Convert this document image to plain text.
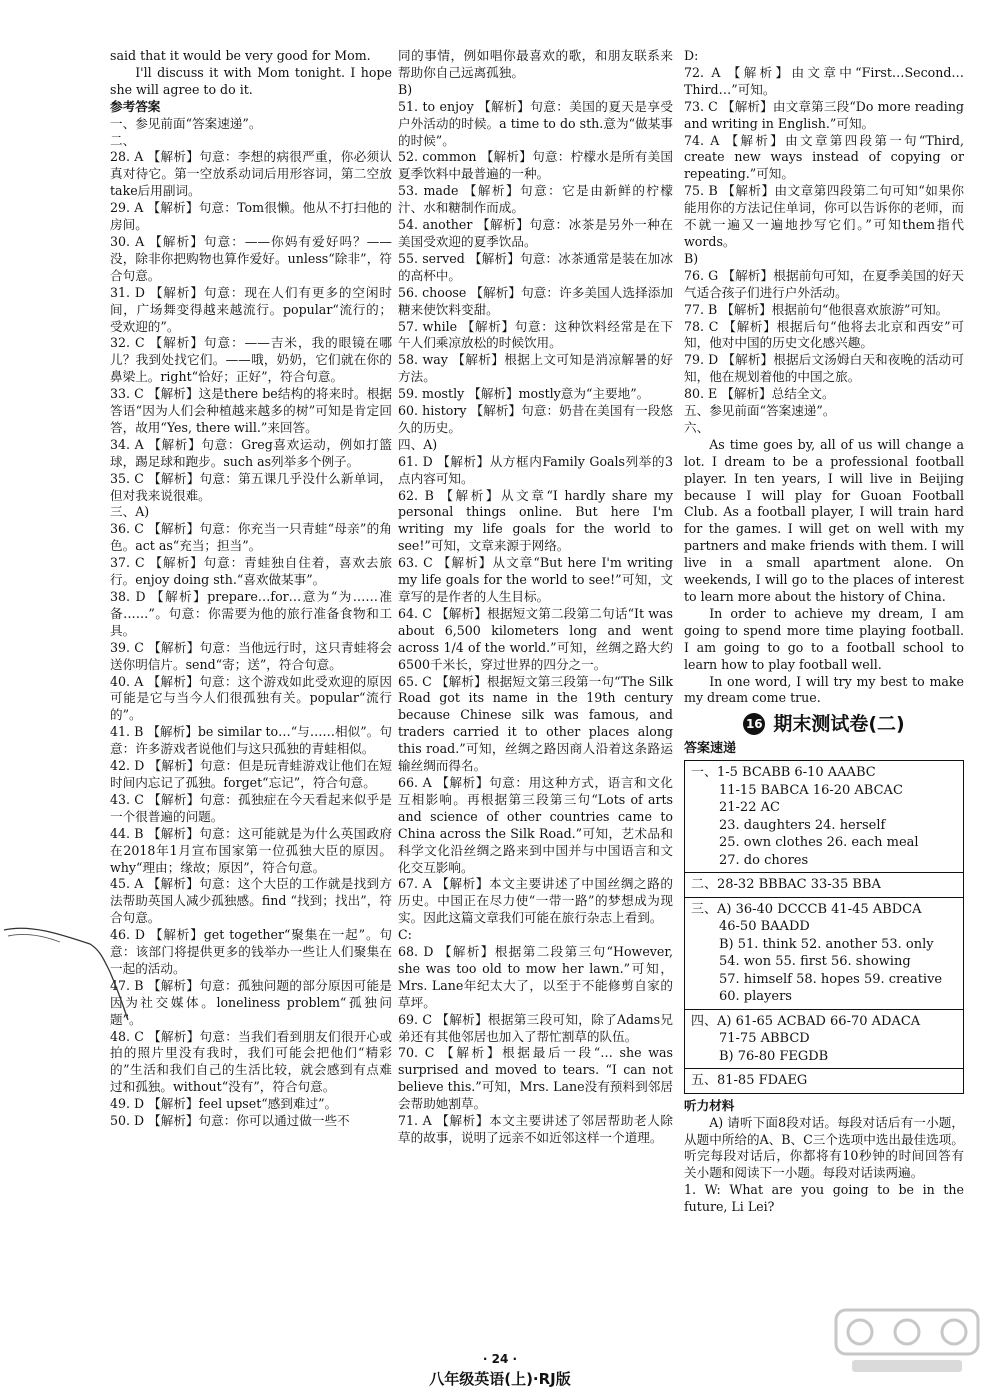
said that it would be very good for Mom.
I'll discuss it with Mom tonight. I hope she will agree to do it.
参考答案
一、参见前面“答案速递”。
二、
28. A 【解析】句意：李想的病很严重，你必须认真对待它。第一空放系动词后用形容词，第二空放take后用副词。
29. A 【解析】句意：Tom很懒。他从不打扫他的房间。
30. A 【解析】句意：——你妈有爱好吗？——没，除非你把购物也算作爱好。unless“除非”，符合句意。
31. D 【解析】句意：现在人们有更多的空闲时间，广场舞变得越来越流行。popular“流行的；受欢迎的”。
32. C 【解析】句意：——吉米，我的眼镜在哪儿？我到处找它们。——哦，奶奶，它们就在你的鼻梁上。right“恰好；正好”，符合句意。
33. C 【解析】这是there be结构的将来时。根据答语“因为人们会种植越来越多的树”可知是肯定回答，故用“Yes, there will.”来回答。
34. A 【解析】句意：Greg喜欢运动，例如打篮球，踢足球和跑步。such as列举多个例子。
35. C 【解析】句意：第五课几乎没什么新单词，但对我来说很难。
三、A)
36. C 【解析】句意：你充当一只青蛙“母亲”的角色。act as“充当；担当”。
37. C 【解析】句意：青蛙独自住着，喜欢去旅行。enjoy doing sth.“喜欢做某事”。
38. D 【解析】prepare…for…意为“为……准备……”。句意：你需要为他的旅行准备食物和工具。
39. C 【解析】句意：当他远行时，这只青蛙将会送你明信片。send“寄；送”，符合句意。
40. A 【解析】句意：这个游戏如此受欢迎的原因可能是它与当今人们很孤独有关。popular“流行的”。
41. B 【解析】be similar to…“与……相似”。句意：许多游戏者说他们与这只孤独的青蛙相似。
42. D 【解析】句意：但是玩青蛙游戏让他们在短时间内忘记了孤独。forget“忘记”，符合句意。
43. C 【解析】句意：孤独症在今天看起来似乎是一个很普遍的问题。
44. B 【解析】句意：这可能就是为什么英国政府在2018年1月宣布国家第一位孤独大臣的原因。why“理由；缘故；原因”，符合句意。
45. A 【解析】句意：这个大臣的工作就是找到方法帮助英国人减少孤独感。find “找到；找出”，符合句意。
46. D 【解析】get together“聚集在一起”。句意：该部门将提供更多的钱举办一些让人们聚集在一起的活动。
47. B 【解析】句意：孤独问题的部分原因可能是因为社交媒体。loneliness problem“孤独问题”。
48. C 【解析】句意：当我们看到朋友们很开心或拍的照片里没有我时，我们可能会把他们“精彩的”生活和我们自己的生活比较，就会感到有点难过和孤独。without“没有”，符合句意。
49. D 【解析】feel upset“感到难过”。
50. D 【解析】句意：你可以通过做一些不
同的事情，例如唱你最喜欢的歌，和朋友联系来帮助你自己远离孤独。
B)
51. to enjoy 【解析】句意：美国的夏天是享受户外活动的时候。a time to do sth.意为“做某事的时候”。
52. common 【解析】句意：柠檬水是所有美国夏季饮料中最普遍的一种。
53. made 【解析】句意：它是由新鲜的柠檬汁、水和糖制作而成。
54. another 【解析】句意：冰茶是另外一种在美国受欢迎的夏季饮品。
55. served 【解析】句意：冰茶通常是装在加冰的高杯中。
56. choose 【解析】句意：许多美国人选择添加糖来使饮料变甜。
57. while 【解析】句意：这种饮料经常是在下午人们乘凉放松的时候饮用。
58. way 【解析】根据上文可知是消凉解暑的好方法。
59. mostly 【解析】mostly意为“主要地”。
60. history 【解析】句意：奶昔在美国有一段悠久的历史。
四、A)
61. D 【解析】从方框内Family Goals列举的3点内容可知。
62. B 【解析】从文章“I hardly share my personal things online. But here I'm writing my life goals for the world to see!”可知，文章来源于网络。
63. C 【解析】从文章“But here I'm writing my life goals for the world to see!”可知，文章写的是作者的人生目标。
64. C 【解析】根据短文第二段第二句话“It was about 6,500 kilometers long and went across 1/4 of the world.”可知，丝绸之路大约6500千米长，穿过世界的四分之一。
65. C 【解析】根据短文第三段第一句“The Silk Road got its name in the 19th century because Chinese silk was famous, and traders carried it to other places along this road.”可知，丝绸之路因商人沿着这条路运输丝绸而得名。
66. A 【解析】句意：用这种方式，语言和文化互相影响。再根据第三段第三句“Lots of arts and science of other countries came to China across the Silk Road.”可知，艺术品和科学文化沿丝绸之路来到中国并与中国语言和文化交互影响。
67. A 【解析】本文主要讲述了中国丝绸之路的历史。中国正在尽力使“一带一路”的梦想成为现实。因此这篇文章我们可能在旅行杂志上看到。
C:
68. D 【解析】根据第二段第三句“However, she was too old to mow her lawn.”可知，Mrs. Lane年纪太大了，以至于不能修剪自家的草坪。
69. C 【解析】根据第三段可知，除了Adams兄弟还有其他邻居也加入了帮忙割草的队伍。
70. C 【解析】根据最后一段“… she was surprised and moved to tears. “I can not believe this.”可知，Mrs. Lane没有预料到邻居会帮助她割草。
71. A 【解析】本文主要讲述了邻居帮助老人除草的故事，说明了远亲不如近邻这样一个道理。
D:
72. A 【解析】由文章中“First…Second…Third…”可知。
73. C 【解析】由文章第三段“Do more reading and writing in English.”可知。
74. A 【解析】由文章第四段第一句“Third, create new ways instead of copying or repeating.”可知。
75. B 【解析】由文章第四段第二句可知“如果你能用你的方法记住单词，你可以告诉你的老师，而不就一遍又一遍地抄写它们。”可知them指代words。
B)
76. G 【解析】根据前句可知，在夏季美国的好天气适合孩子们进行户外活动。
77. B 【解析】根据前句“他很喜欢旅游”可知。
78. C 【解析】根据后句“他将去北京和西安”可知，他对中国的历史文化感兴趣。
79. D 【解析】根据后文汤姆白天和夜晚的活动可知，他在规划着他的中国之旅。
80. E 【解析】总结全文。
五、参见前面“答案速递”。
六、
As time goes by, all of us will change a lot. I dream to be a professional football player. In ten years, I will live in Beijing because I will play for Guoan Football Club. As a football player, I will train hard for the games. I will get on well with my partners and make friends with them. I will live in a small apartment alone. On weekends, I will go to the places of interest to learn more about the history of China.
In order to achieve my dream, I am going to spend more time playing football. I am going to go to a football school to learn how to play football well.
In one word, I will try my best to make my dream come true.
16 期末测试卷(二)
答案速递
一、1-5 BCABB 6-10 AAABC
11-15 BABCA 16-20 ABCAC
21-22 AC
23. daughters 24. herself
25. own clothes 26. each meal
27. do chores
二、28-32 BBBAC 33-35 BBA
三、A) 36-40 DCCCB 41-45 ABDCA
46-50 BAADD
B) 51. think 52. another 53. only
54. won 55. first 56. showing
57. himself 58. hopes 59. creative
60. players
四、A) 61-65 ACBAD 66-70 ADACA
71-75 ABBCD
B) 76-80 FEGDB
五、81-85 FDAEG
听力材料
A) 请听下面8段对话。每段对话后有一小题，从题中所给的A、B、C三个选项中选出最佳选项。听完每段对话后，你都将有10秒钟的时间回答有关小题和阅读下一小题。每段对话读两遍。
1. W: What are you going to be in the future, Li Lei?
· 24 ·
八年级英语(上)·RJ版
